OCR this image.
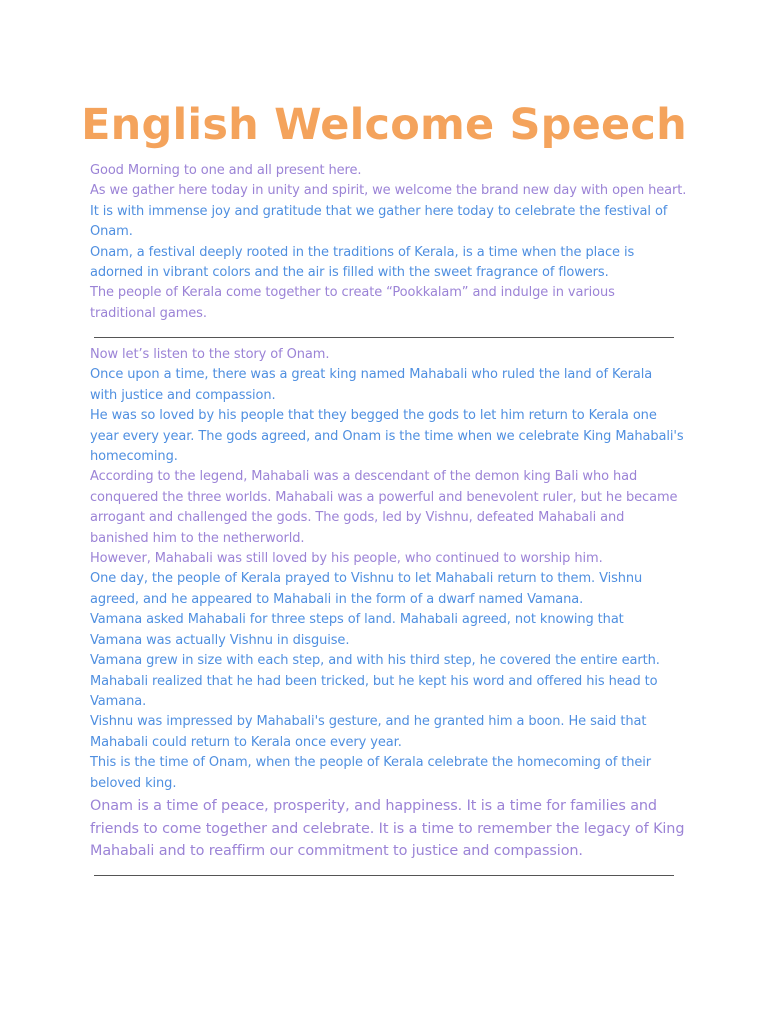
English Welcome Speech
Good Morning to one and all present here.
As we gather here today in unity and spirit, we welcome the brand new day with open heart.
It is with immense joy and gratitude that we gather here today to celebrate the festival of
Onam.
Onam, a festival deeply rooted in the traditions of Kerala, is a time when the place is
adorned in vibrant colors and the air is filled with the sweet fragrance of flowers.
The people of Kerala come together to create “Pookkalam” and indulge in various
traditional games.
Now let’s listen to the story of Onam.
Once upon a time, there was a great king named Mahabali who ruled the land of Kerala
with justice and compassion.
He was so loved by his people that they begged the gods to let him return to Kerala one
year every year. The gods agreed, and Onam is the time when we celebrate King Mahabali's
homecoming.
According to the legend, Mahabali was a descendant of the demon king Bali who had
conquered the three worlds. Mahabali was a powerful and benevolent ruler, but he became
arrogant and challenged the gods. The gods, led by Vishnu, defeated Mahabali and
banished him to the netherworld.
However, Mahabali was still loved by his people, who continued to worship him.
One day, the people of Kerala prayed to Vishnu to let Mahabali return to them. Vishnu
agreed, and he appeared to Mahabali in the form of a dwarf named Vamana.
Vamana asked Mahabali for three steps of land. Mahabali agreed, not knowing that
Vamana was actually Vishnu in disguise.
Vamana grew in size with each step, and with his third step, he covered the entire earth.
Mahabali realized that he had been tricked, but he kept his word and offered his head to
Vamana.
Vishnu was impressed by Mahabali's gesture, and he granted him a boon. He said that
Mahabali could return to Kerala once every year.
This is the time of Onam, when the people of Kerala celebrate the homecoming of their
beloved king.
Onam is a time of peace, prosperity, and happiness. It is a time for families and
friends to come together and celebrate. It is a time to remember the legacy of King
Mahabali and to reaffirm our commitment to justice and compassion.
